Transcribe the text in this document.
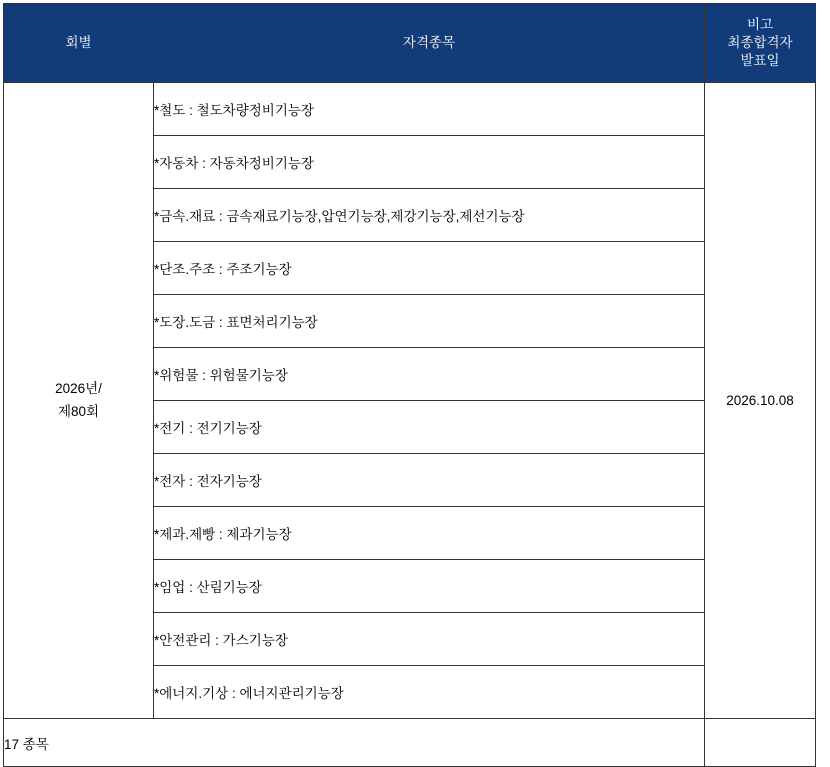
회별	자격종목	비고
최종합격자
발표일

2026년/
제80회	*철도 : 철도차량정비기능장	2026.10.08
	*자동차 : 자동차정비기능장	
	*금속.재료 : 금속재료기능장,압연기능장,제강기능장,제선기능장	
	*단조.주조 : 주조기능장	
	*도장.도금 : 표면처리기능장	
	*위험물 : 위험물기능장	
	*전기 : 전기기능장	
	*전자 : 전자기능장	
	*제과.제빵 : 제과기능장	
	*임업 : 산림기능장	
	*안전관리 : 가스기능장	
	*에너지.기상 : 에너지관리기능장	
17 종목		
